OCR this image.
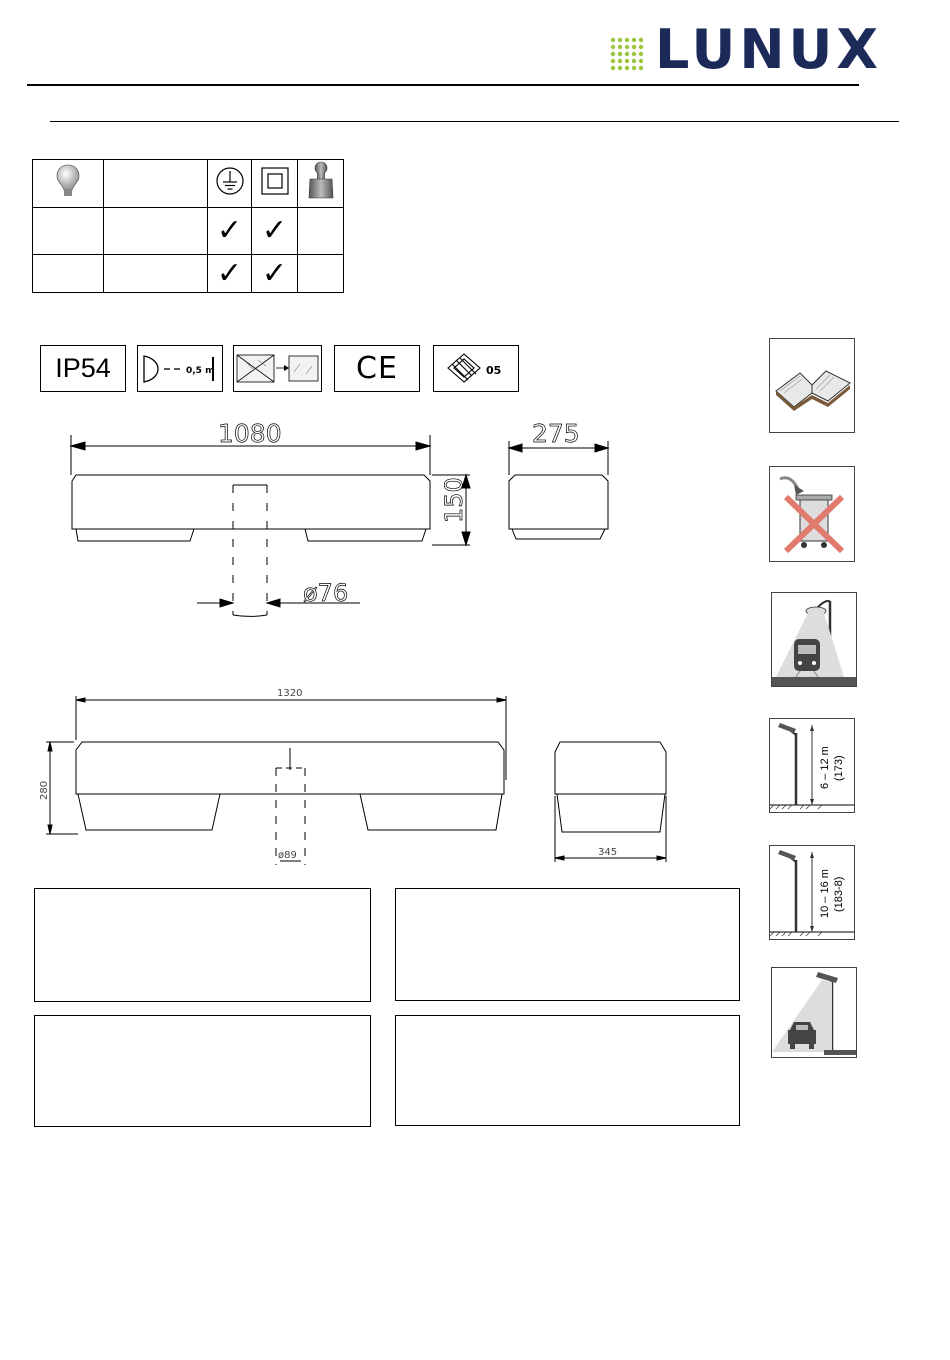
LUNUX

		✓	✓	
		✓	✓	
IP54	0,5 m	CE	05
1080	275
ø76
150
1320
280
345
ø89
6 – 12 m
(173)
10 – 16 m
(183-8)
